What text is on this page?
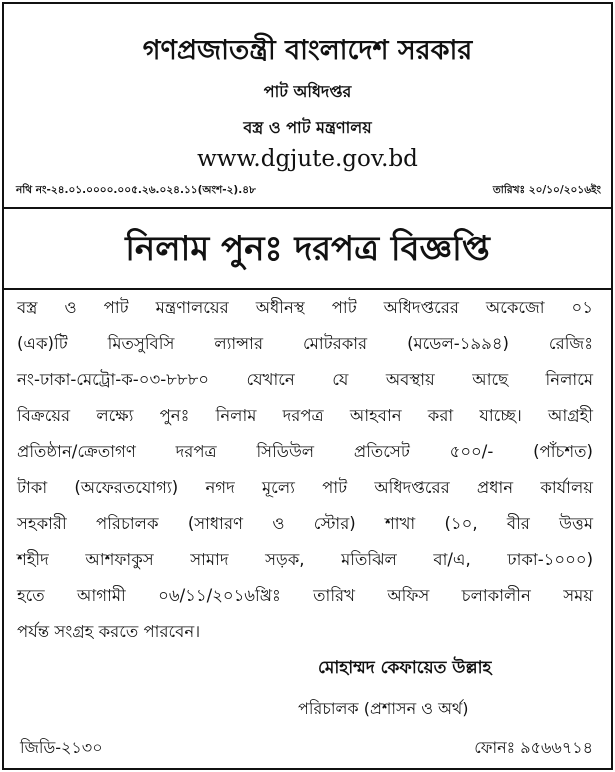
গণপ্রজাতন্ত্রী বাংলাদেশ সরকার
পাট অধিদপ্তর
বস্ত্র ও পাট মন্ত্রণালয়
www.dgjute.gov.bd
নথি নং-২৪.০১.০০০০.০০৫.২৬.০২৪.১১(অংশ-২).৪৮	তারিখঃ ২০/১০/২০১৬ইং
নিলাম পুনঃ দরপত্র বিজ্ঞপ্তি
বস্ত্র ও পাট মন্ত্রণালয়ের অধীনস্থ পাট অধিদপ্তরের অকেজো ০১
(এক)টি মিতসুবিসি ল্যান্সার মোটরকার (মডেল-১৯৯৪) রেজিঃ
নং-ঢাকা-মেট্রো-ক-০৩-৮৮৮০ যেখানে যে অবস্থায় আছে নিলামে
বিক্রয়ের লক্ষ্যে পুনঃ নিলাম দরপত্র আহবান করা যাচ্ছে। আগ্রহী
প্রতিষ্ঠান/ক্রেতাগণ দরপত্র সিডিউল প্রতিসেট ৫০০/- (পাঁচশত)
টাকা (অফেরতযোগ্য) নগদ মূল্যে পাট অধিদপ্তরের প্রধান কার্যালয়
সহকারী পরিচালক (সাধারণ ও স্টোর) শাখা (১০, বীর উত্তম
শহীদ আশফাকুস সামাদ সড়ক, মতিঝিল বা/এ, ঢাকা-১০০০)
হতে আগামী ০৬/১১/২০১৬খ্রিঃ তারিখ অফিস চলাকালীন সময়
পর্যন্ত সংগ্রহ করতে পারবেন।
মোহাম্মদ কেফায়েত উল্লাহ
পরিচালক (প্রশাসন ও অর্থ)
জিডি-২১৩০	ফোনঃ ৯৫৬৬৭১৪
